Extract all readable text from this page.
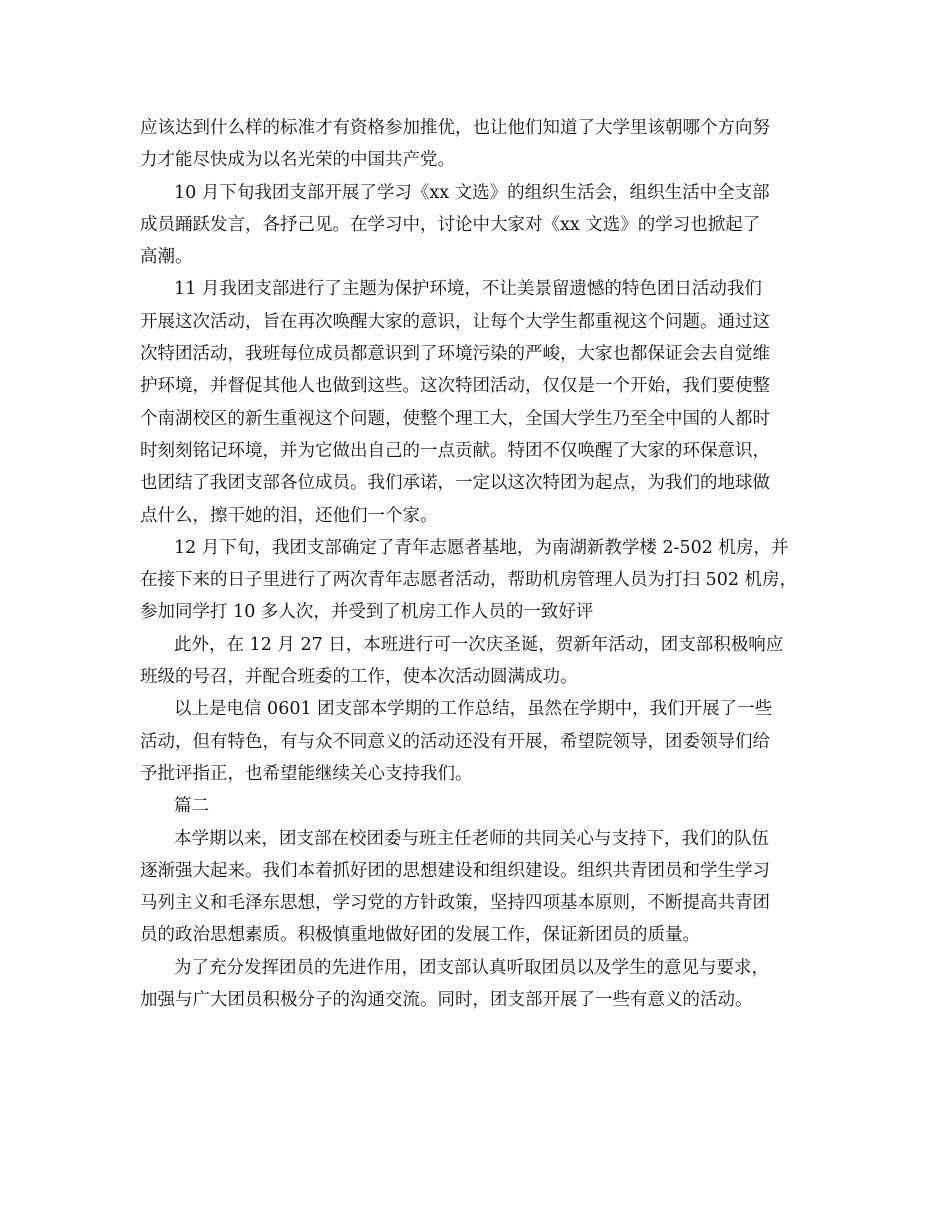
应该达到什么样的标准才有资格参加推优，也让他们知道了大学里该朝哪个方向努
力才能尽快成为以名光荣的中国共产党。
10 月下旬我团支部开展了学习《xx 文选》的组织生活会，组织生活中全支部
成员踊跃发言，各抒己见。在学习中，讨论中大家对《xx 文选》的学习也掀起了
高潮。
11 月我团支部进行了主题为保护环境，不让美景留遗憾的特色团日活动我们
开展这次活动，旨在再次唤醒大家的意识，让每个大学生都重视这个问题。通过这
次特团活动，我班每位成员都意识到了环境污染的严峻，大家也都保证会去自觉维
护环境，并督促其他人也做到这些。这次特团活动，仅仅是一个开始，我们要使整
个南湖校区的新生重视这个问题，使整个理工大，全国大学生乃至全中国的人都时
时刻刻铭记环境，并为它做出自己的一点贡献。特团不仅唤醒了大家的环保意识，
也团结了我团支部各位成员。我们承诺，一定以这次特团为起点，为我们的地球做
点什么，擦干她的泪，还他们一个家。
12 月下旬，我团支部确定了青年志愿者基地，为南湖新教学楼 2-502 机房，并
在接下来的日子里进行了两次青年志愿者活动，帮助机房管理人员为打扫 502 机房，
参加同学打 10 多人次，并受到了机房工作人员的一致好评
此外，在 12 月 27 日，本班进行可一次庆圣诞，贺新年活动，团支部积极响应
班级的号召，并配合班委的工作，使本次活动圆满成功。
以上是电信 0601 团支部本学期的工作总结，虽然在学期中，我们开展了一些
活动，但有特色，有与众不同意义的活动还没有开展，希望院领导，团委领导们给
予批评指正，也希望能继续关心支持我们。
篇二
本学期以来，团支部在校团委与班主任老师的共同关心与支持下，我们的队伍
逐渐强大起来。我们本着抓好团的思想建设和组织建设。组织共青团员和学生学习
马列主义和毛泽东思想，学习党的方针政策，坚持四项基本原则，不断提高共青团
员的政治思想素质。积极慎重地做好团的发展工作，保证新团员的质量。
为了充分发挥团员的先进作用，团支部认真听取团员以及学生的意见与要求，
加强与广大团员积极分子的沟通交流。同时，团支部开展了一些有意义的活动。
